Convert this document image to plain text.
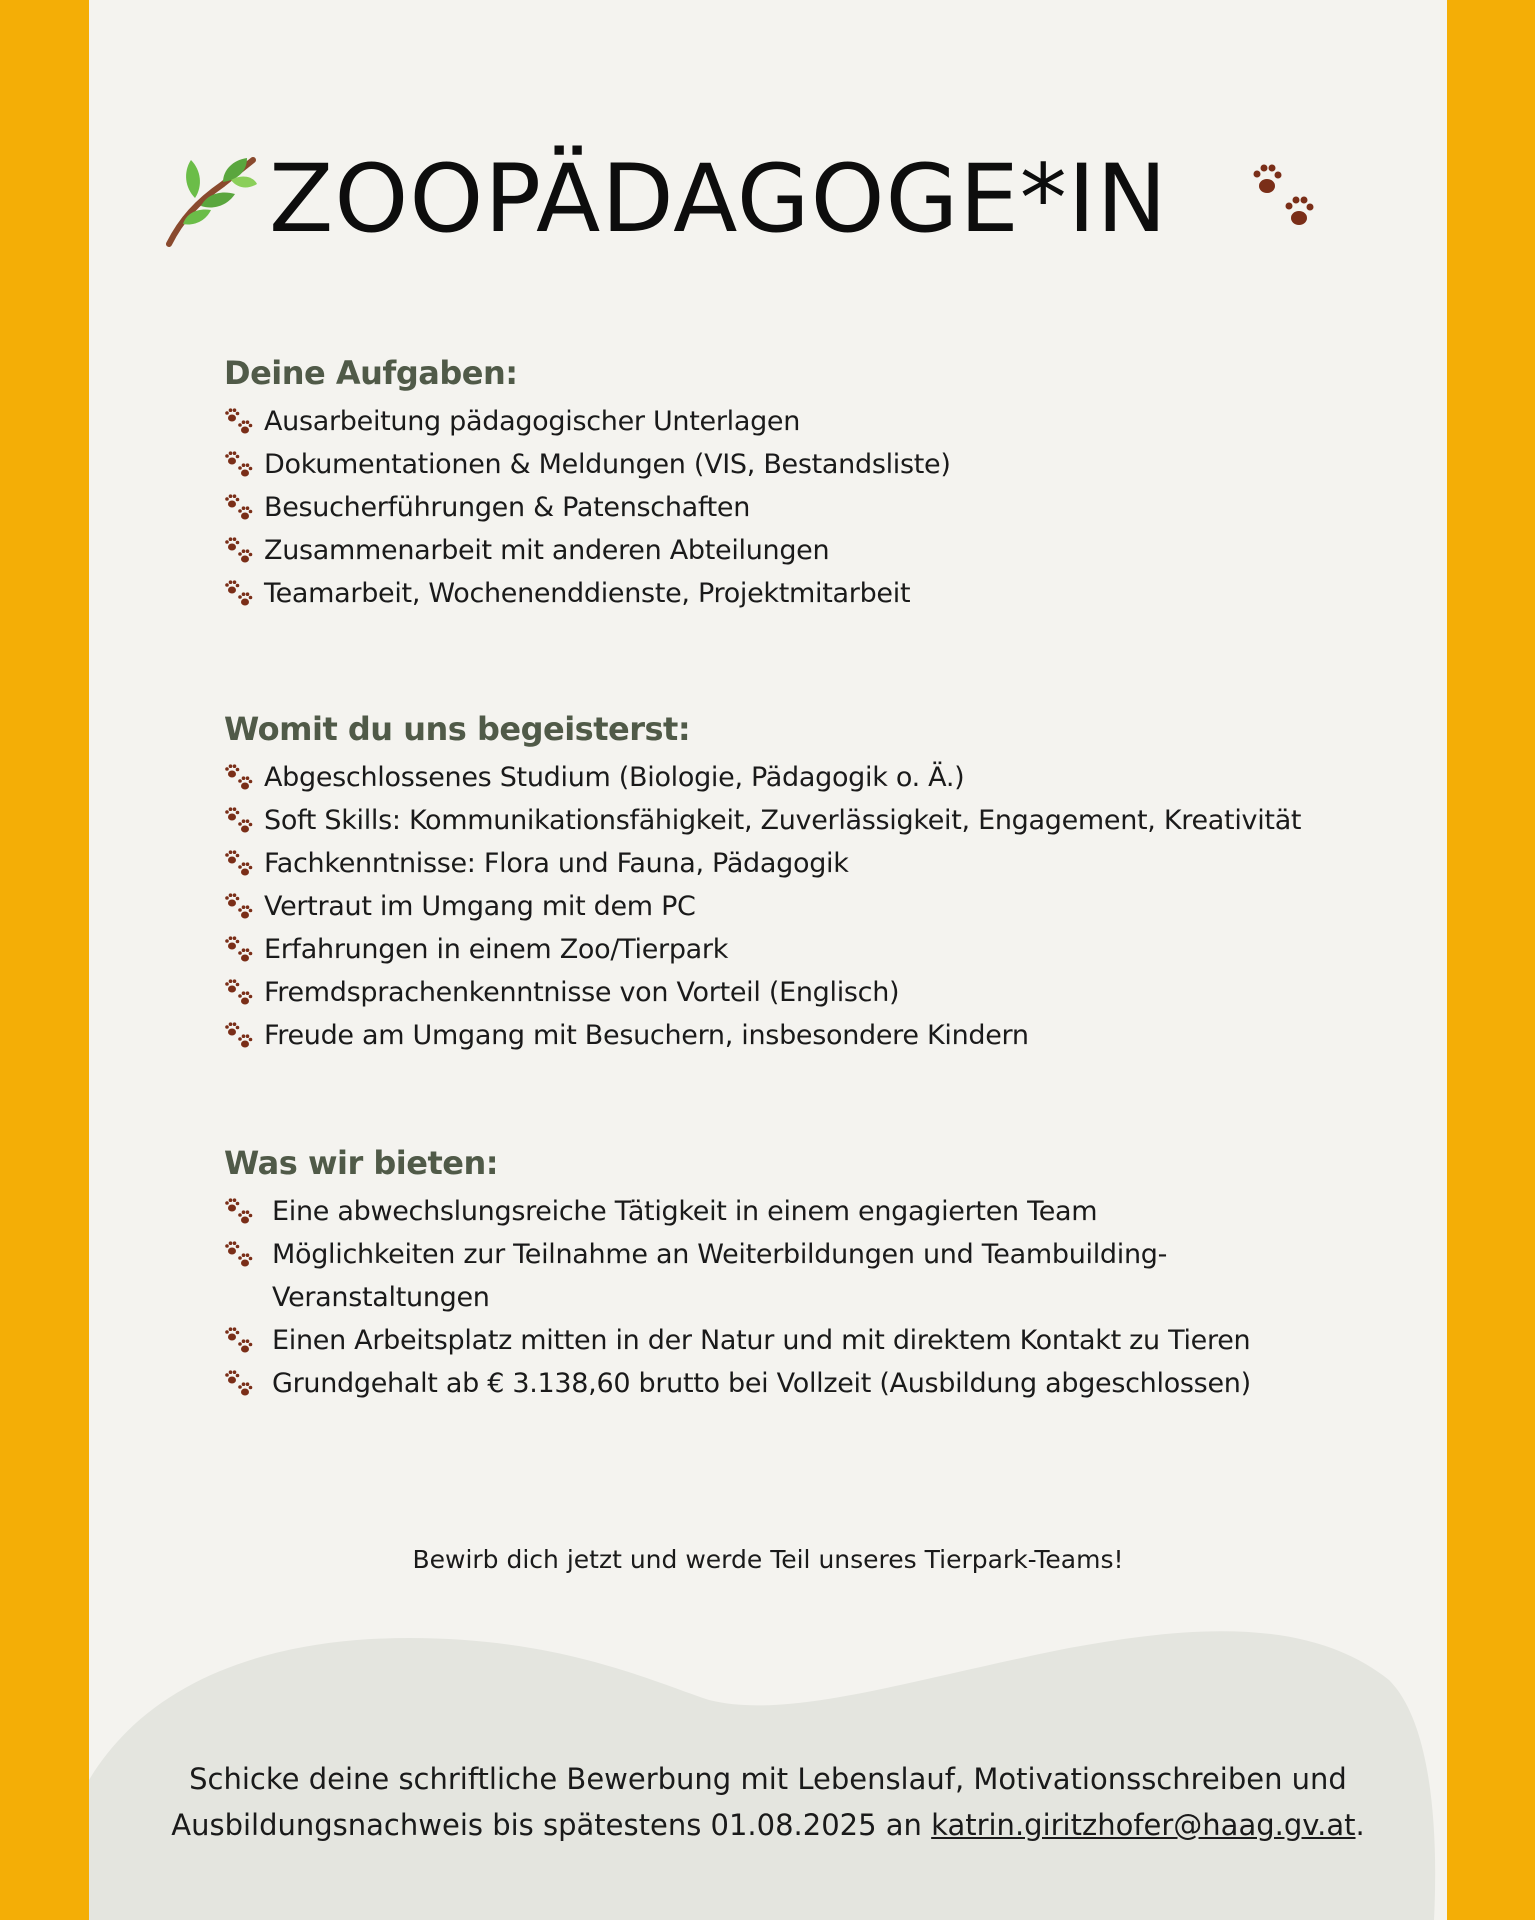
ZOOPÄDAGOGE*IN
Deine Aufgaben:
Ausarbeitung pädagogischer Unterlagen
Dokumentationen & Meldungen (VIS, Bestandsliste)
Besucherführungen & Patenschaften
Zusammenarbeit mit anderen Abteilungen
Teamarbeit, Wochenenddienste, Projektmitarbeit
Womit du uns begeisterst:
Abgeschlossenes Studium (Biologie, Pädagogik o. Ä.)
Soft Skills: Kommunikationsfähigkeit, Zuverlässigkeit, Engagement, Kreativität
Fachkenntnisse: Flora und Fauna, Pädagogik
Vertraut im Umgang mit dem PC
Erfahrungen in einem Zoo/Tierpark
Fremdsprachenkenntnisse von Vorteil (Englisch)
Freude am Umgang mit Besuchern, insbesondere Kindern
Was wir bieten:
Eine abwechslungsreiche Tätigkeit in einem engagierten Team
Möglichkeiten zur Teilnahme an Weiterbildungen und Teambuilding-Veranstaltungen
Einen Arbeitsplatz mitten in der Natur und mit direktem Kontakt zu Tieren
Grundgehalt ab € 3.138,60 brutto bei Vollzeit (Ausbildung abgeschlossen)
Bewirb dich jetzt und werde Teil unseres Tierpark-Teams!
Schicke deine schriftliche Bewerbung mit Lebenslauf, Motivationsschreiben und
Ausbildungsnachweis bis spätestens 01.08.2025 an katrin.giritzhofer@haag.gv.at.
